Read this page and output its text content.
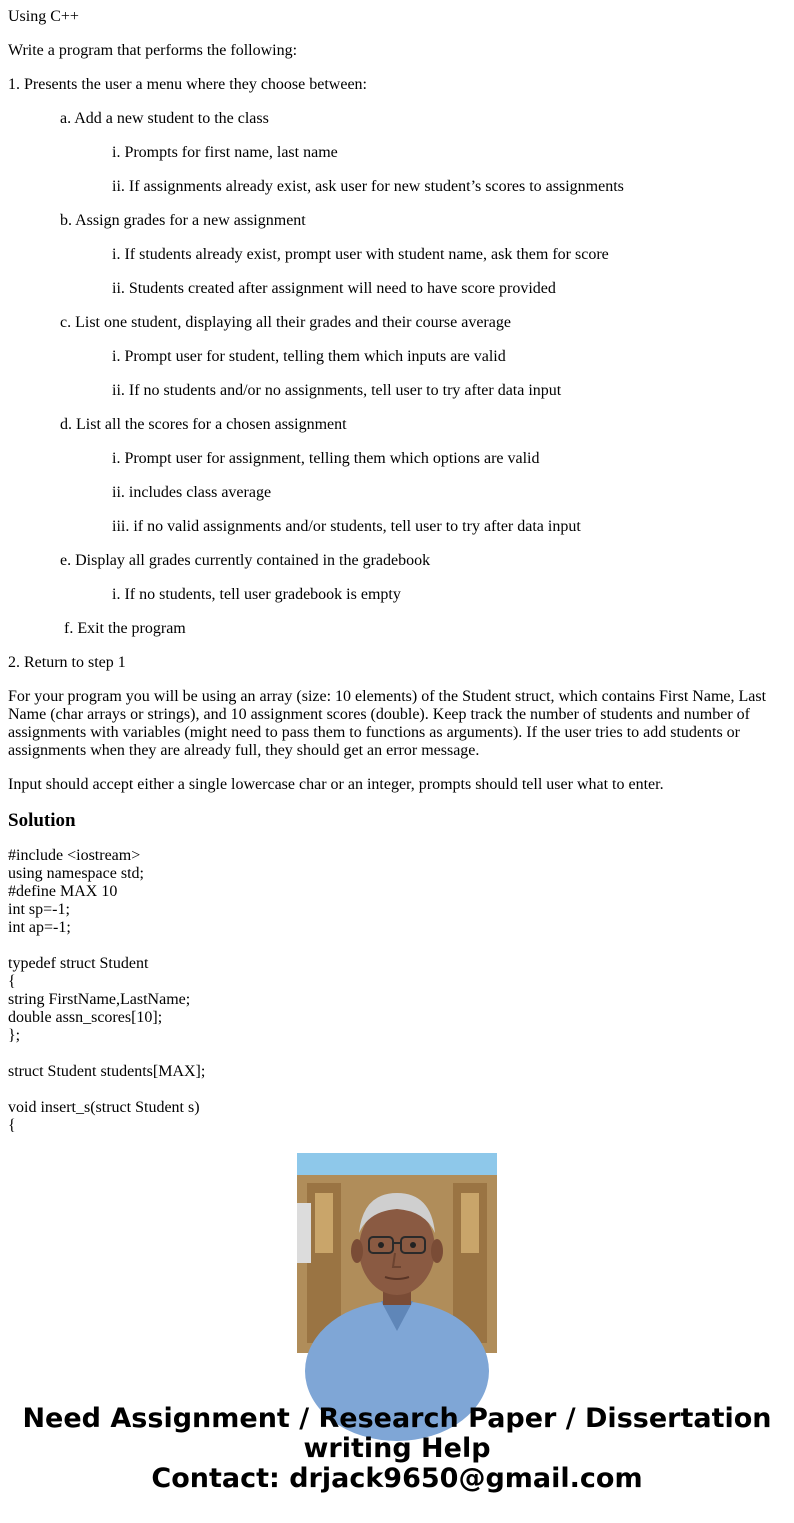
Using C++

Write a program that performs the following:

1. Presents the user a menu where they choose between:

a. Add a new student to the class

i. Prompts for first name, last name

ii. If assignments already exist, ask user for new student’s scores to assignments

b. Assign grades for a new assignment

i. If students already exist, prompt user with student name, ask them for score

ii. Students created after assignment will need to have score provided

c. List one student, displaying all their grades and their course average

i. Prompt user for student, telling them which inputs are valid

ii. If no students and/or no assignments, tell user to try after data input

d. List all the scores for a chosen assignment

i. Prompt user for assignment, telling them which options are valid

ii. includes class average

iii. if no valid assignments and/or students, tell user to try after data input

e. Display all grades currently contained in the gradebook

i. If no students, tell user gradebook is empty

f. Exit the program

2. Return to step 1

For your program you will be using an array (size: 10 elements) of the Student struct, which contains First Name, Last Name (char arrays or strings), and 10 assignment scores (double). Keep track the number of students and number of assignments with variables (might need to pass them to functions as arguments). If the user tries to add students or assignments when they are already full, they should get an error message.

Input should accept either a single lowercase char or an integer, prompts should tell user what to enter.

Solution
#include <iostream>
using namespace std;
#define MAX 10
int sp=-1;
int ap=-1;

typedef struct Student
{
string FirstName,LastName;
double assn_scores[10];
};

struct Student students[MAX];

void insert_s(struct Student s)
{
Need Assignment / Research Paper / Dissertation
writing Help
Contact: drjack9650@gmail.com
